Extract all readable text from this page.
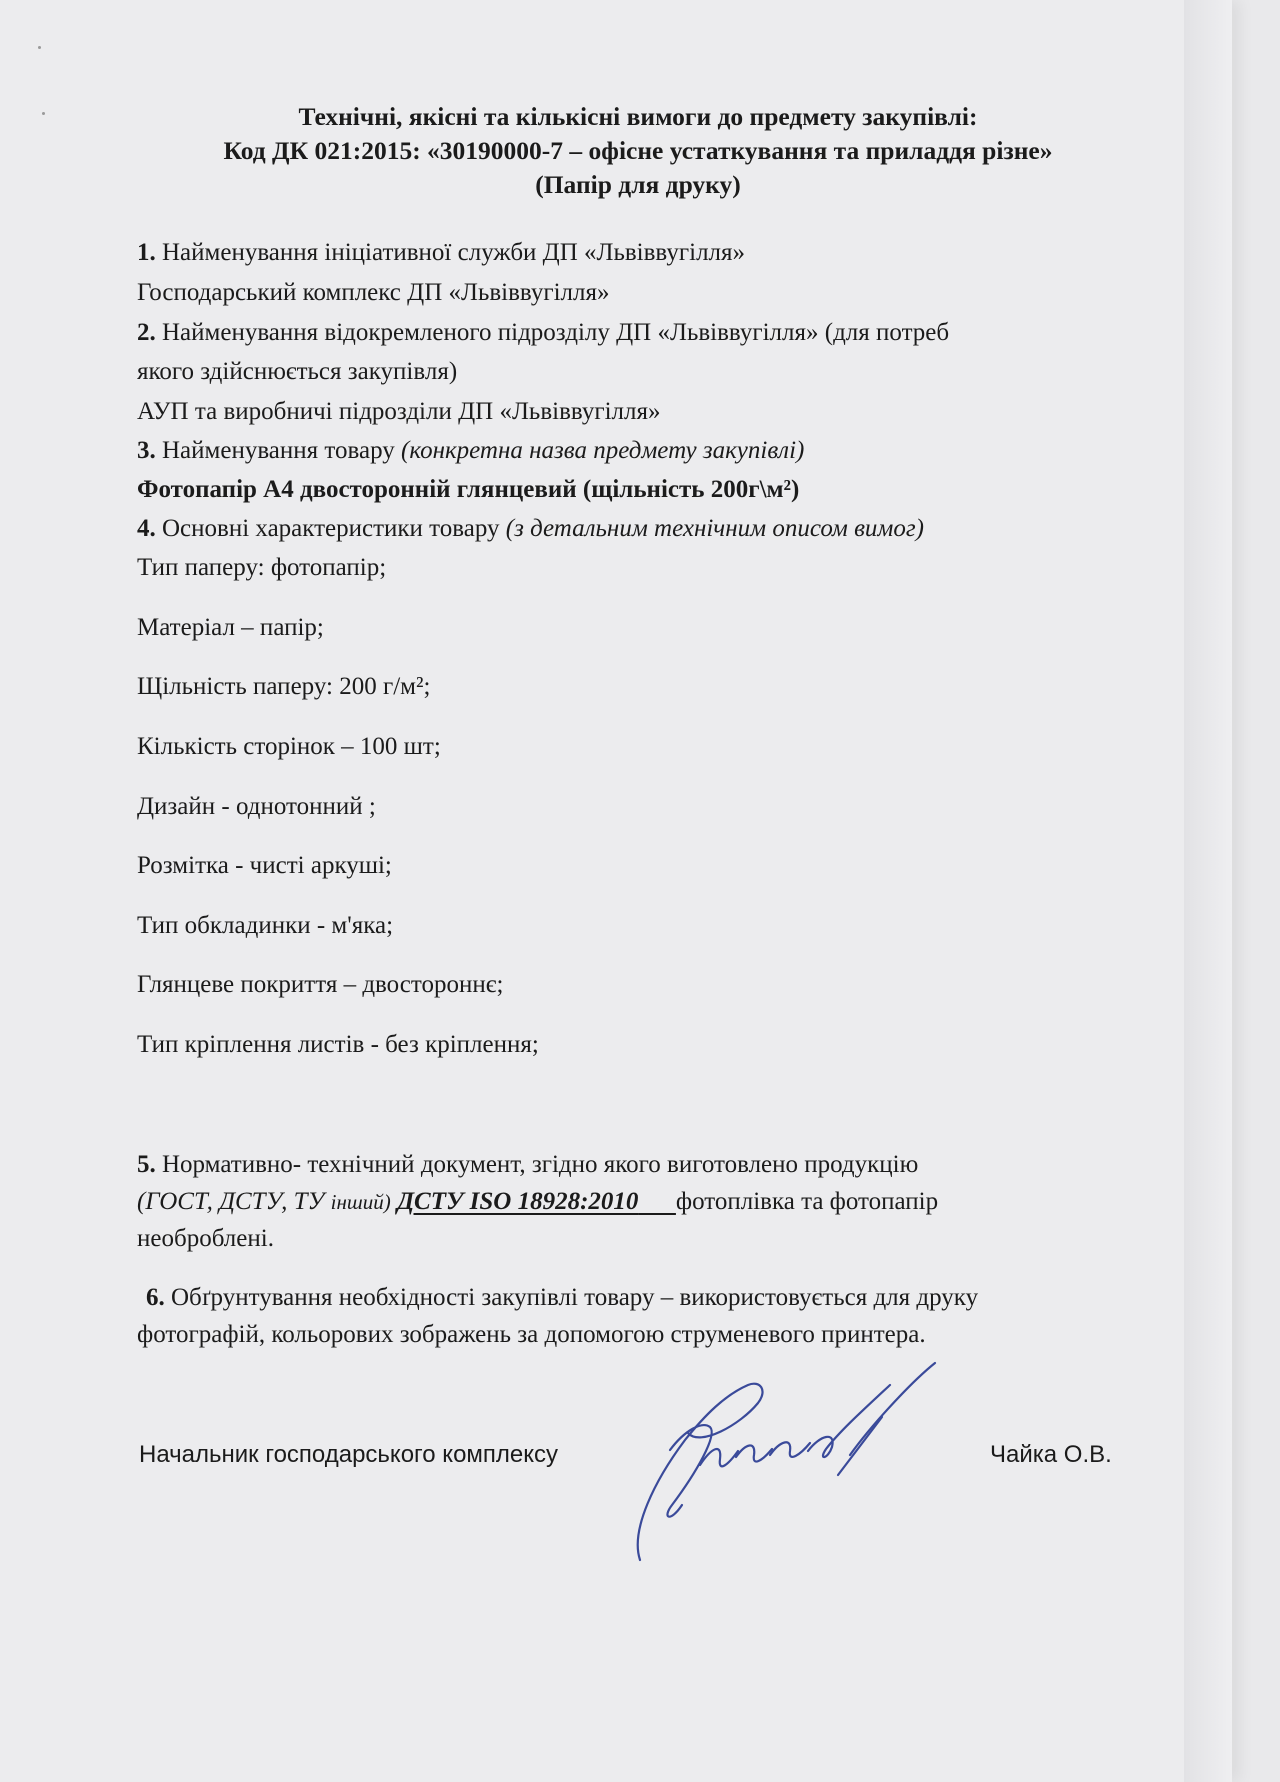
Технічні, якісні та кількісні вимоги до предмету закупівлі:
Код ДК 021:2015: «30190000-7 – офісне устаткування та приладдя різне»
(Папір для друку)
1. Найменування ініціативної служби ДП «Львіввугілля»
Господарський комплекс ДП «Львіввугілля»
2. Найменування відокремленого підрозділу ДП «Львіввугілля» (для потреб
якого здійснюється закупівля)
АУП та виробничі підрозділи ДП «Львіввугілля»
3. Найменування товару (конкретна назва предмету закупівлі)
Фотопапір А4 двосторонній глянцевий (щільність 200г\м²)
4. Основні характеристики товару (з детальним технічним описом вимог)
Тип паперу: фотопапір;
Матеріал – папір;
Щільність паперу: 200 г/м²;
Кількість сторінок – 100 шт;
Дизайн - однотонний ;
Розмітка - чисті аркуші;
Тип обкладинки - м'яка;
Глянцеве покриття – двостороннє;
Тип кріплення листів - без кріплення;
5. Нормативно- технічний документ, згідно якого виготовлено продукцію
(ГОСТ, ДСТУ, ТУ інший) ДСТУ ISO 18928:2010 фотоплівка та фотопапір
необроблені.
6. Обґрунтування необхідності закупівлі товару – використовується для друку
фотографій, кольорових зображень за допомогою струменевого принтера.
Начальник господарського комплексу	Чайка О.В.
